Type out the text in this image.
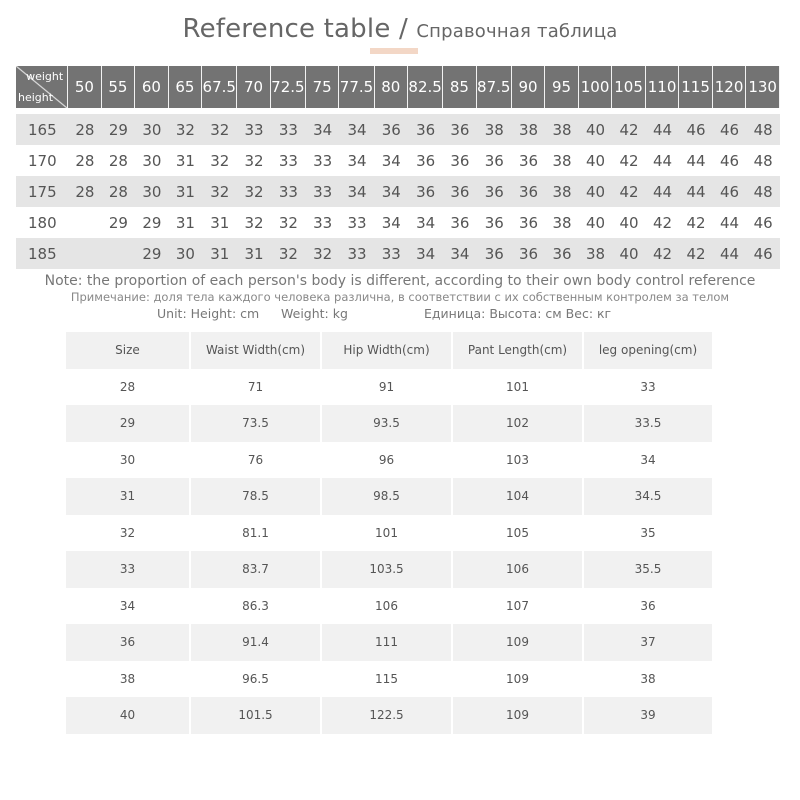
Reference table / Справочная таблица
weight
height	50	55	60	65	67.5	70	72.5	75	77.5	80	82.5	85	87.5	90	95	100	105	110	115	120	130
165	28	29	30	32	32	33	33	34	34	36	36	36	38	38	38	40	42	44	46	46	48
170	28	28	30	31	32	32	33	33	34	34	36	36	36	36	38	40	42	44	44	46	48
175	28	28	30	31	32	32	33	33	34	34	36	36	36	36	38	40	42	44	44	46	48
180		29	29	31	31	32	32	33	33	34	34	36	36	36	38	40	40	42	42	44	46
185			29	30	31	31	32	32	33	33	34	34	36	36	36	38	40	42	42	44	46
Note: the proportion of each person's body is different, according to their own body control reference
Примечание: доля тела каждого человека различна, в соответствии с их собственным контролем за телом
Unit: Height: cm Weight: kg	Единица: Высота: см Вес: кг
Size	Waist Width(cm)	Hip Width(cm)	Pant Length(cm)	leg opening(cm)
28	71	91	101	33
29	73.5	93.5	102	33.5
30	76	96	103	34
31	78.5	98.5	104	34.5
32	81.1	101	105	35
33	83.7	103.5	106	35.5
34	86.3	106	107	36
36	91.4	111	109	37
38	96.5	115	109	38
40	101.5	122.5	109	39
